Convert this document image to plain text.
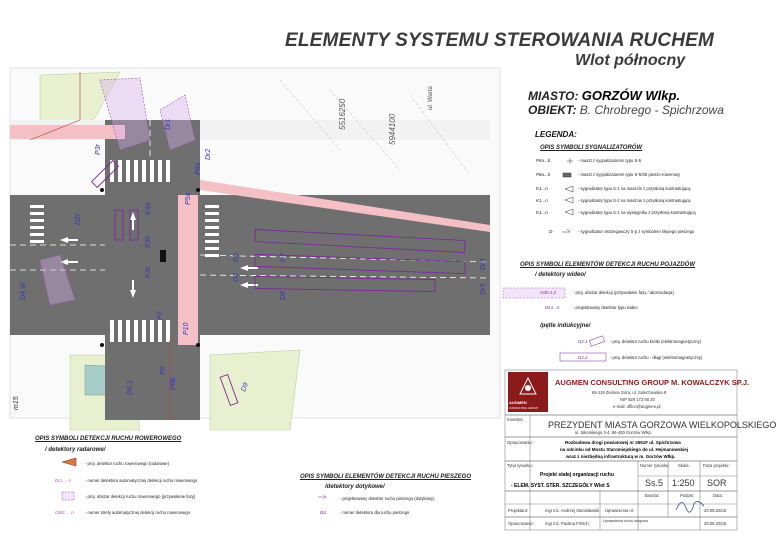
K3a
K3b
K3c
P5a
P6a
P3r
D2r
Dr1
Dr2
D6.1
D5
D6
D7
D8
D9
Dr5
Dr3
D4.W
P2
P10
P8
P6b
m15
ul. Warta
5516250	5944100
ELEMENTY SYSTEMU STEROWANIA RUCHEM
Wlot północny
MIASTO: GORZÓW Wlkp.
OBIEKT: B. Chrobrego - Spichrzowa
LEGENDA:
OPIS SYMBOLI SYGNALIZATORÓW
P6a...b	- maszt z sygnalizatorem typu S-5
P8a...b	- maszt z sygnalizatorem typu S-5/S6 pieszo-rowerowy
K1...n	- sygnalizator typu S-1 na maszcie z przysłoną kontrastującą
K1...n	- sygnalizator typu S-2 na maszcie z przysłoną kontrastującą
K1...n	- sygnalizator typu S-1 na wysięgniku z przysłoną kontrastującą
D-	- sygnalizator ostrzegawczy S-p z symbolem ślepego pieszego
OPIS SYMBOLI ELEMENTÓW DETEKCJI RUCHU POJAZDÓW
/ detektory wideo/
Od0.1.2	- proj. obszar detekcji (przywołanie fazy / akomodacja)
Wr1...n	- projektowany detektor typu wideo
/pętle indukcyjne/
D2.1	- proj. detektor ruchu krótki (elektromagnetyczny)
D2.2	- proj. detektor ruchu - długi (elektromagnetyczny)
OPIS SYMBOLI DETEKCJI RUCHU ROWEROWEGO
/ detektory radarowe/
- proj. detektor ruchu rowerowego (radarowe)
Dr1 ... n	- numer detektora automatycznej detekcji ruchu rowerowego
- proj. obszar detekcji ruchu rowerowego (przywołanie fazy)
Odr1 ... n	- numer strefy automatycznej detekcji ruchu rowerowego
OPIS SYMBOLI ELEMENTÓW DETEKCJI RUCHU PIESZEGO
/detektory dotykowe/
- projektowany detektor ruchu pieszego (dotykowy)
Bi1	- numer detektora dla ruchu pieszego
AUGMEN
CONSULTING GROUP
AUGMEN CONSULTING GROUP M. KOWALCZYK SP.J.
65-119 Zielona Góra, ul. Sulechowska 8
NIP 929 173 66 20
e-mail: office@augmen.pl
Inwestor:
PREZYDENT MIASTA GORZOWA WIELKOPOLSKIEGO
ul. Sikorskiego 3-4, 66-400 Gorzów Wlkp.
Opracowanie:	Rozbudowa drogi powiatowej nr 2551F ul. Spichrzowa
na odcinku od Mostu Staromiejskiego do ul. Hejmanowskiej
wraz z niezbędną infrastrukturą w m. Gorzów Wlkp.
Tytuł rysunku:
Projekt stałej organizacji ruchu
- ELEM. SYST. STER. SZCZEGÓŁY Wlot S
Numer rysunku:
Ss.5
Skala:
1:250
Faza projektu:
SOR
Branża:	Podpis:	Data:
Projektant:	mgr inż. Andrzej Stanisławski Uprawnienia nr:	20.08.2023r.
Opracowanie:	mgr inż. Paulina Fritsch	Uprawnienia ruchu drogowa	20.08.2023r.
